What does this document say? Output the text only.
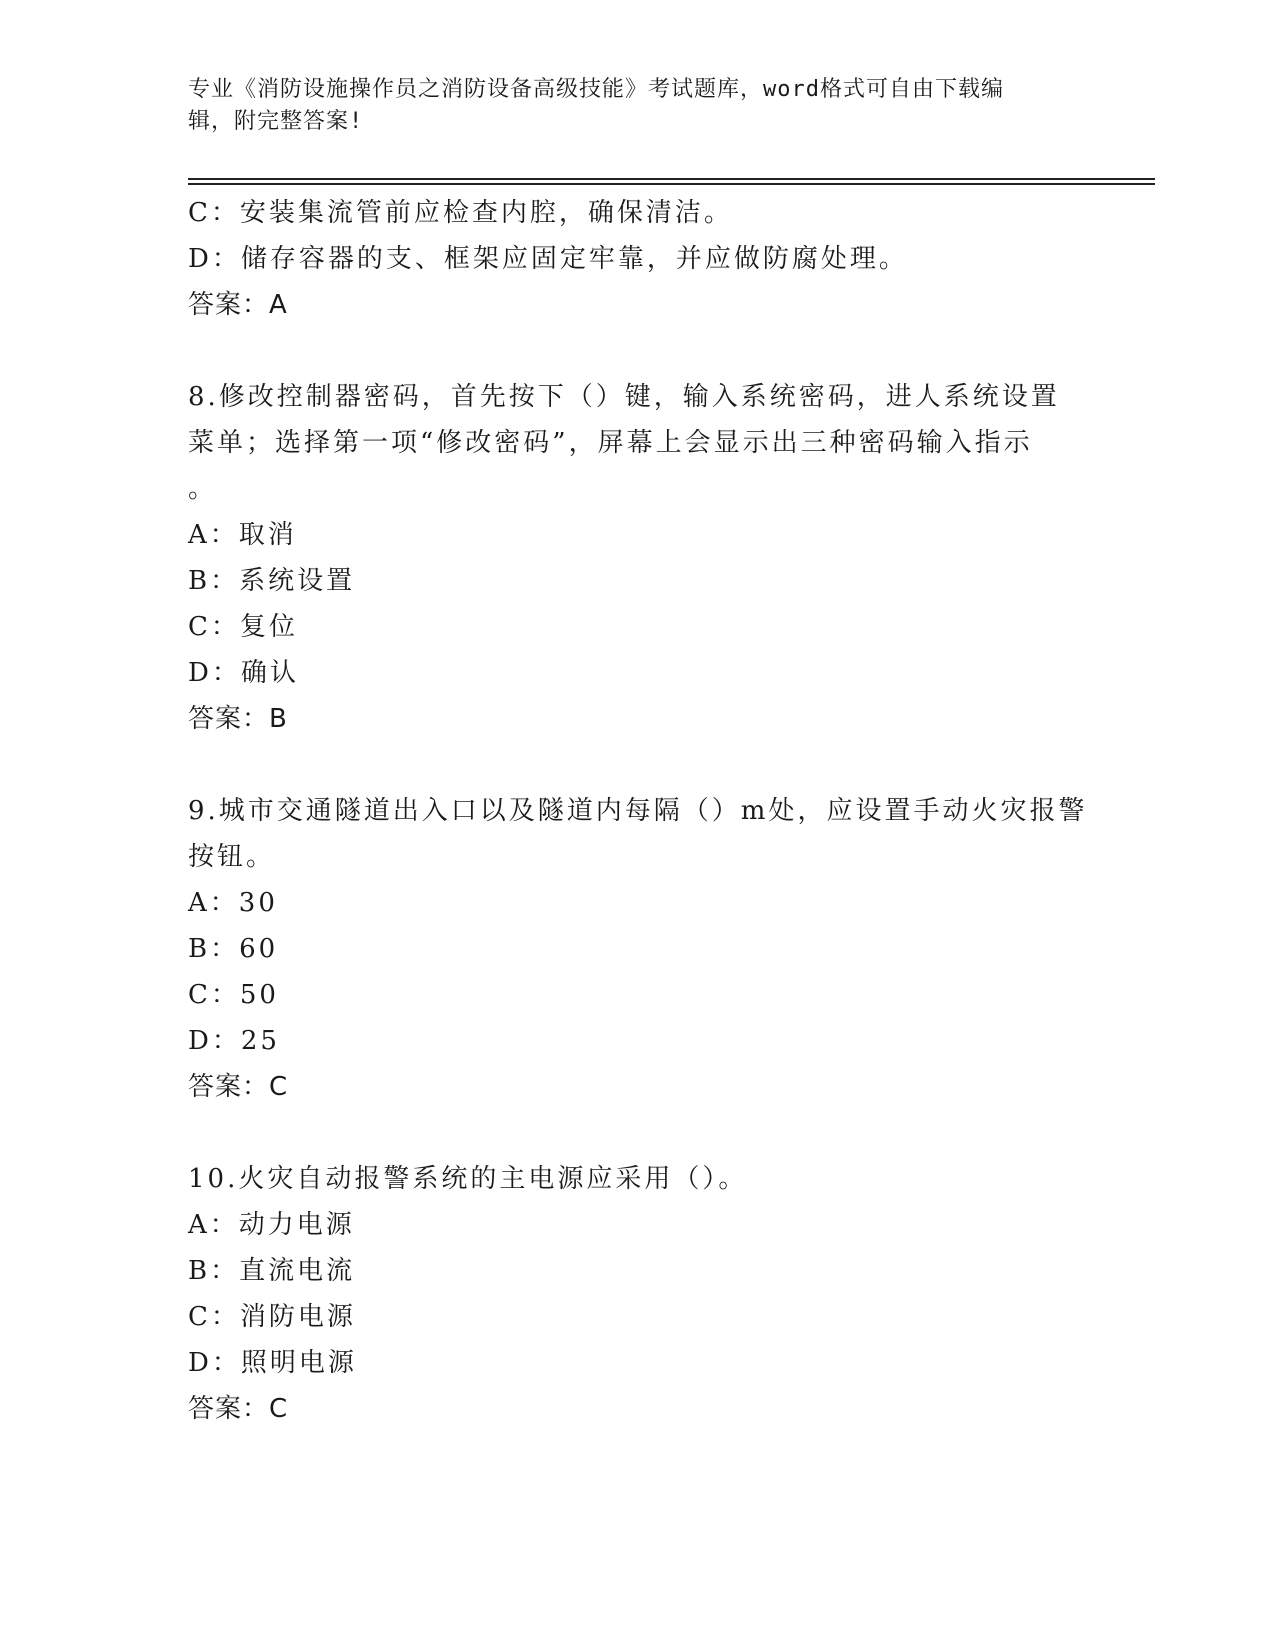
专业《消防设施操作员之消防设备高级技能》考试题库，word格式可自由下载编
辑，附完整答案!
C：安装集流管前应检查内腔，确保清洁。
D：储存容器的支、框架应固定牢靠，并应做防腐处理。
答案：A
8.修改控制器密码，首先按下（）键，输入系统密码，进人系统设置
菜单；选择第一项“修改密码”，屏幕上会显示出三种密码输入指示
。
A：取消
B：系统设置
C：复位
D：确认
答案：B
9.城市交通隧道出入口以及隧道内每隔（）m处，应设置手动火灾报警
按钮。
A：30
B：60
C：50
D：25
答案：C
10.火灾自动报警系统的主电源应采用（）。
A：动力电源
B：直流电流
C：消防电源
D：照明电源
答案：C
